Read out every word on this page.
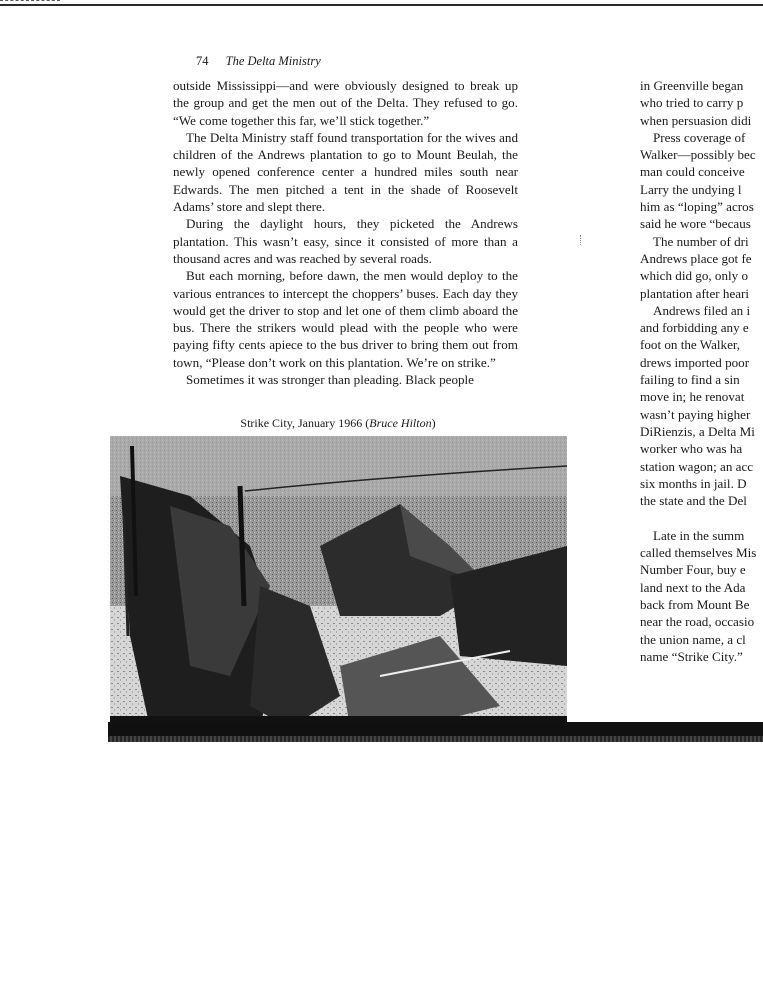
74 The Delta Ministry

outside Mississippi—and were obviously designed to break up the group and get the men out of the Delta. They refused to go. “We come together this far, we’ll stick together.”

The Delta Ministry staff found transportation for the wives and children of the Andrews plantation to go to Mount Beulah, the newly opened conference center a hundred miles south near Edwards. The men pitched a tent in the shade of Roosevelt Adams’ store and slept there.

During the daylight hours, they picketed the Andrews plantation. This wasn’t easy, since it consisted of more than a thousand acres and was reached by several roads.

But each morning, before dawn, the men would deploy to the various entrances to intercept the choppers’ buses. Each day they would get the driver to stop and let one of them climb aboard the bus. There the strikers would plead with the people who were paying fifty cents apiece to the bus driver to bring them out from town, “Please don’t work on this plantation. We’re on strike.”

Sometimes it was stronger than pleading. Black people

Strike City, January 1966 (Bruce Hilton)
in Greenville began
who tried to carry p
when persuasion didi
Press coverage of
Walker—possibly bec
man could conceive
Larry the undying l
him as “loping” acros
said he wore “becaus
The number of dri
Andrews place got fe
which did go, only o
plantation after heari
Andrews filed an i
and forbidding any e
foot on the Walker,
drews imported poor
failing to find a sin
move in; he renovat
wasn’t paying higher
DiRienzis, a Delta Mi
worker who was ha
station wagon; an acc
six months in jail. D
the state and the Del
Late in the summ
called themselves Mis
Number Four, buy e
land next to the Ada
back from Mount Be
near the road, occasio
the union name, a cl
name “Strike City.”
